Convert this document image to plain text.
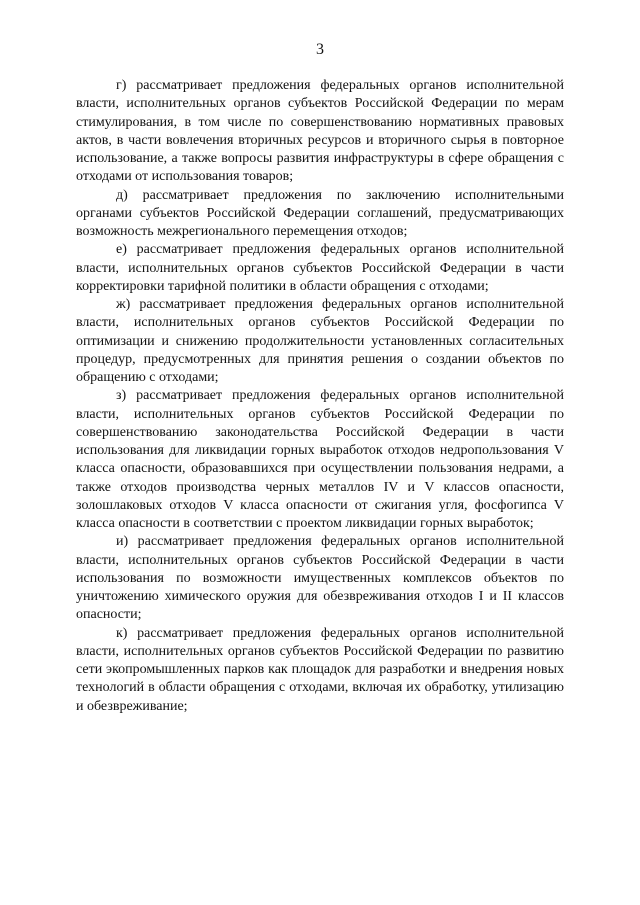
3

г) рассматривает предложения федеральных органов исполнительной власти, исполнительных органов субъектов Российской Федерации по мерам стимулирования, в том числе по совершенствованию нормативных правовых актов, в части вовлечения вторичных ресурсов и вторичного сырья в повторное использование, а также вопросы развития инфраструктуры в сфере обращения с отходами от использования товаров;

д) рассматривает предложения по заключению исполнительными органами субъектов Российской Федерации соглашений, предусматривающих возможность межрегионального перемещения отходов;

е) рассматривает предложения федеральных органов исполнительной власти, исполнительных органов субъектов Российской Федерации в части корректировки тарифной политики в области обращения с отходами;

ж) рассматривает предложения федеральных органов исполнительной власти, исполнительных органов субъектов Российской Федерации по оптимизации и снижению продолжительности установленных согласительных процедур, предусмотренных для принятия решения о создании объектов по обращению с отходами;

з) рассматривает предложения федеральных органов исполнительной власти, исполнительных органов субъектов Российской Федерации по совершенствованию законодательства Российской Федерации в части использования для ликвидации горных выработок отходов недропользования V класса опасности, образовавшихся при осуществлении пользования недрами, а также отходов производства черных металлов IV и V классов опасности, золошлаковых отходов V класса опасности от сжигания угля, фосфогипса V класса опасности в соответствии с проектом ликвидации горных выработок;

и) рассматривает предложения федеральных органов исполнительной власти, исполнительных органов субъектов Российской Федерации в части использования по возможности имущественных комплексов объектов по уничтожению химического оружия для обезвреживания отходов I и II классов опасности;

к) рассматривает предложения федеральных органов исполнительной власти, исполнительных органов субъектов Российской Федерации по развитию сети экопромышленных парков как площадок для разработки и внедрения новых технологий в области обращения с отходами, включая их обработку, утилизацию и обезвреживание;
